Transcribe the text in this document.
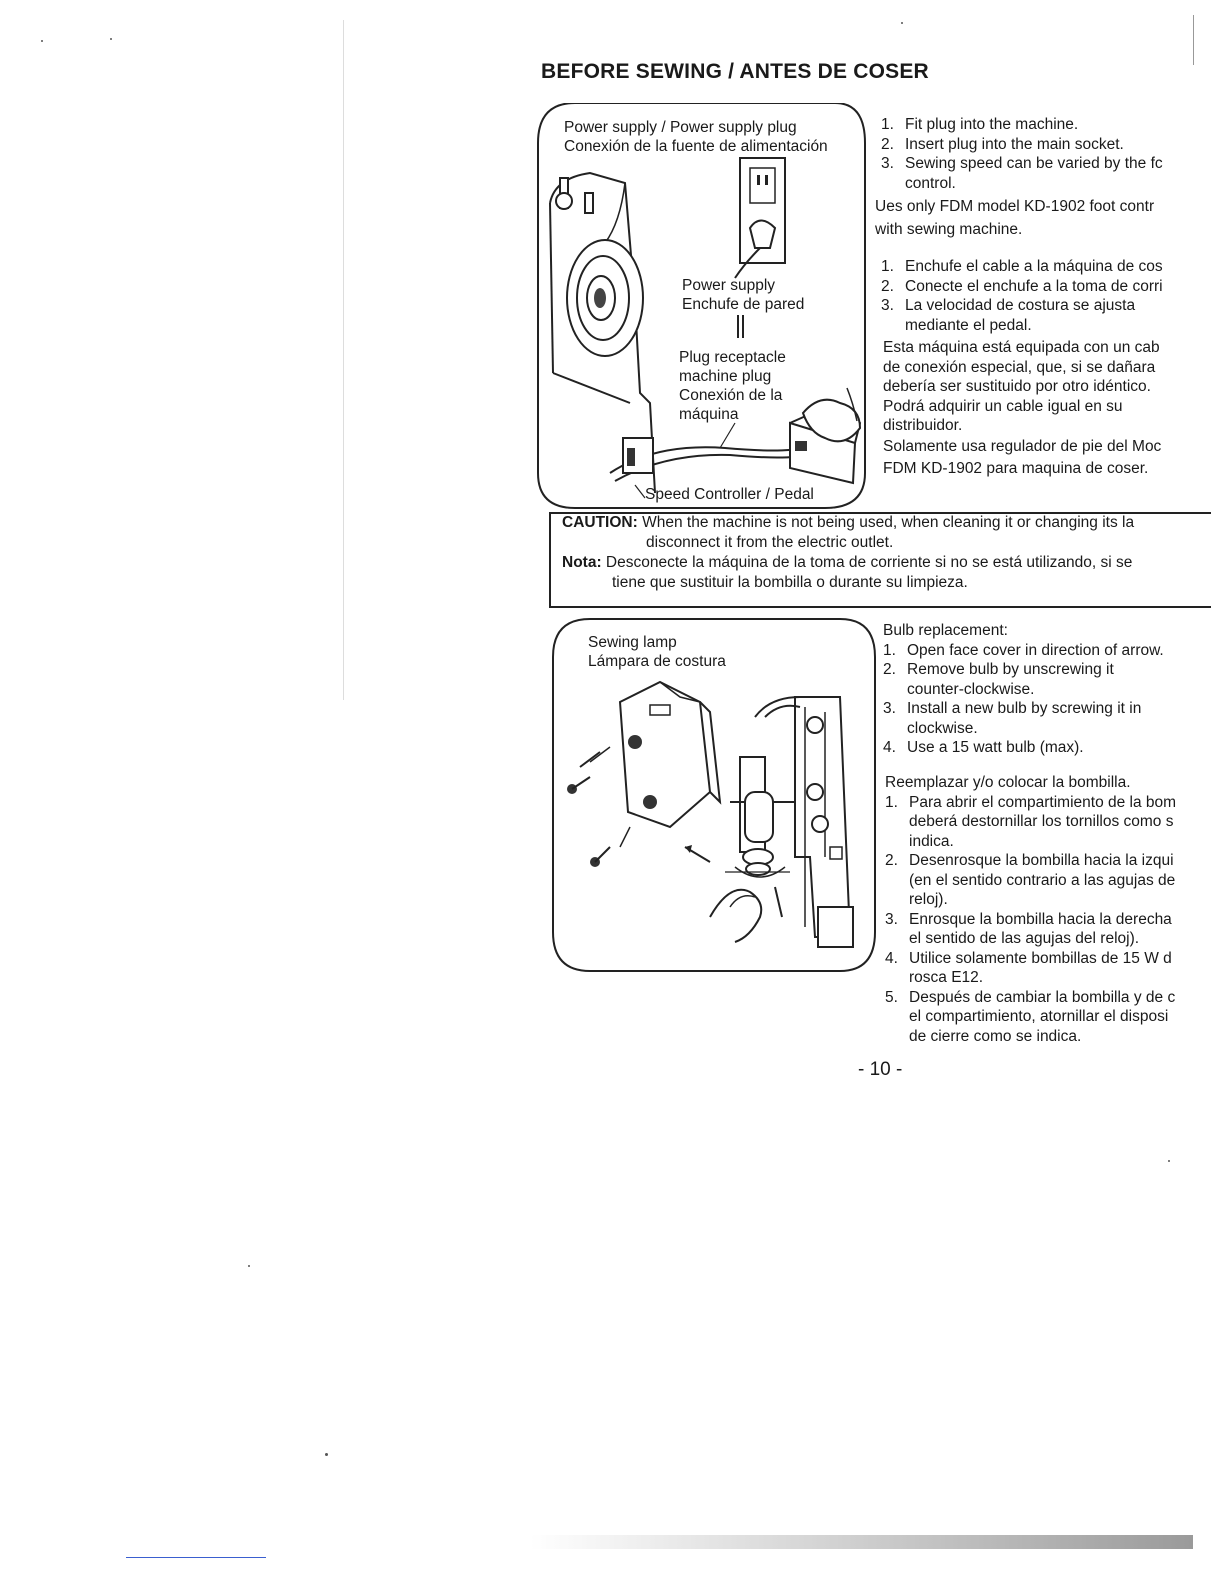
BEFORE SEWING / ANTES DE COSER
Power supply / Power supply plug
Conexión de la fuente de alimentación
Power supply
Enchufe de pared
Plug receptacle
machine plug
Conexión de la
máquina
Speed Controller / Pedal
1. Fit plug into the machine.
2. Insert plug into the main socket.
3. Sewing speed can be varied by the fc
control.

Ues only FDM model KD-1902 foot contr

with sewing machine.

1. Enchufe el cable a la máquina de cos
2. Conecte el enchufe a la toma de corri
3. La velocidad de costura se ajusta
mediante el pedal.
Esta máquina está equipada con un cab
de conexión especial, que, si se dañara
debería ser sustituido por otro idéntico.
Podrá adquirir un cable igual en su
distribuidor.
Solamente usa regulador de pie del Moc
FDM KD-1902 para maquina de coser.
CAUTION: When the machine is not being used, when cleaning it or changing its la
disconnect it from the electric outlet.
Nota: Desconecte la máquina de la toma de corriente si no se está utilizando, si se
tiene que sustituir la bombilla o durante su limpieza.
Sewing lamp
Lámpara de costura
Bulb replacement:
1. Open face cover in direction of arrow.
2. Remove bulb by unscrewing it
counter-clockwise.
3. Install a new bulb by screwing it in
clockwise.
4. Use a 15 watt bulb (max).
Reemplazar y/o colocar la bombilla.
1. Para abrir el compartimiento de la bom
deberá destornillar los tornillos como s
indica.
2. Desenrosque la bombilla hacia la izqui
(en el sentido contrario a las agujas de
reloj).
3. Enrosque la bombilla hacia la derecha
el sentido de las agujas del reloj).
4. Utilice solamente bombillas de 15 W d
rosca E12.
5. Después de cambiar la bombilla y de c
el compartimiento, atornillar el disposi
de cierre como se indica.
- 10 -
